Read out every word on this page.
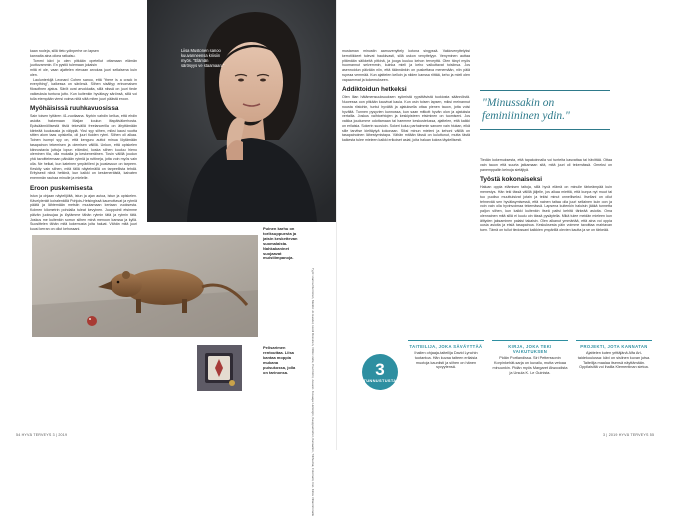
kaan rooleja, sillä tieto ydinperhe on lapsen

kannalta aina oikea ratkaisu.

Tommi kävi jo olen pitkään opetellut ottamaan elämän juuttuvammin. En pystiö tulemaan jokaisin

mitä ei ole, vaan ajattelen elevaan arvokas juuri sellaisena kuin olen.

Laulunterkijä Leonard Cohen sanoo, että "there is a crack in everything", kaikessa on särönsä. Siihen sisältyy erinomaisen filosofinen ajatus. Säröt ovat arvokkaita, sillä niissä on juuri tiede vaikeuksia tuntuva jutto. Kun kuitenkin hyväksyy särönsä, sillä voi tulla etempään viersi voima niitä siitä miten juuri päästä eroon.

Myöhäisissä ruuhkavuosissa

Sain toisen tyttären 41-vuotiaana. Nyrkin vahdin kellua, että ehdin asioita hakemaan Maijan koulun iltapäiväkerhosta. Epäsäännöllisestä tiiviä tekevällä freelancerilla on ähyttämään kiinteää kuukausia ja välppiä. Yksi syy siihen, miksi kausi vuotta sitten alom taas opiskella, oli juuri tiuiden rytmi. Siihen oli alkaa. Toinen isompi syy on, että kenguru auttoi minua löytämään tasapainon tekemisen ja olemisen välillä. Unkon, että opiskelen kiinnostavia juttuja lopun elämäni, koska siihen kuuluu hieno oleminen tila, olla mukalla ja keskeneräinen. Tosin välillä joudun yhä tavoittelemaan päivään rytmiä ja ruttineja, jotta voin myös vain olla. Ne helkat, kun kateinen ympäriileni ja joustavuun on tarpeen. Keskity vain siihen, mitä tällä näytelmällä on tarpeellista tehdä. Erityisesti niinä hetkinä, kun kaikki on keskeneräistä, kaivaten enemmän rauhaa minulle ja mielelle.

Eroon puskemisesta

Istun ja ohjaan näytelijöitä, istun ja ajan autoa, istun ja opiskelen. Kävelylenkit koiralenkillä Pohjois-Helsingissä kaumottavat ja rytmiä päätä ja lähtemään metsiin muutamaan kertaan vuoksesta. Kolmen kilometrin pohdalla tuleat kevyinen. Juoppointi etsimme päivän juoksujaa ja löytämme tähän rytmin tätä ja rytmin tätä. Joskus me kuitenkin sorrun siihen minä menoon kanssa ja kyllä. Suosittelen tähän mitä kokemusta joita haluat. Vähän mitä juuri kuusi kerran on ollut kehossani.

Liisa Mustonen sanoo kuuvanneensa kriisiin myös. "Elämän särösyys ve staamaan."
Puinen karhu on toriksuppuesta ja jatsin keskettevan suomalaista. Nahkakaninet suojaavat muistiimpanoja.
Pelisarimen rentouttaa. Liisa kantaa moppia mukana puisukossa, jolla on tarinonsa.	Tyyli: Hanna Nurminen, Meikki: Jo Hasdel, Heidi Rossinen, Villiko Helle, Pia Ftolmi, Juuaret. Kuvaaja: Helsingin, Kauppamiehet, Kanaalion, Tiilihuvilat, Fotomatti, Inst. Kiitos Villiarinrinnalle
54 HYVÄ TERVEYS 3 | 2019

mustaman minustin aamuvenyttely kotona singyssä. Vakiovenyttelyksi kerrotiikkeet tulevat haukkvasti, sillä uskon venyttelyyn. Venyminen auttaa pitämään säikkeitä pitkinä, ja jooga kuuluu kehon terveyttä. Olen tänyt myös huomannut selvemmin, kuinka mieli ja keho vaikuttavat toisiinsa. Jos asennoidun päivään niin, että täännänkin on puskettava menemään, niin päiä rupeaa vemmää. Kun ajattelen kelloin ja niiden kanssa riittää, keho ja mieli olen vapaammat ja kokemukseen.

Addiktoidun hetkeksi

Olen Ilian hätämensuuksuuksen syömistä ryysittävistä tuokiosta säännöistä. Nuoressa oon pitkään kauvivat kauia. Kun osin toisen lapsen, miksi meinannut nousta riistohin, tuntui hyvältä ja ajatuksella ottaa pienen tauon, jotta voisi hyvältä. Tunnen pysyvien kunnossa, kun saan mitkott hyvän olon ja ajatuksia vertailla. Joskus vaihtoehtojen ja keskipisteen etsiminen on tuomiseni. Jos vaikka joudumme odottamaan tai haemme keskustelussa, ajattelen, että kaikki on erilaisia. Sokerin suosioin. Sokeri kuluu parhaimmin sanoen vain hiukan, eikä sille tarvitse kieltäytyä kokonaan. Siksi minun mieleni ja kehoni välillä on tasapainoinen lähestymistapa. Vähän mitään tässä on kuluttunut, mutta tästä kaikesta tulee mieleen kaikki erikoiset asiat, joita haluan kokea täydellisesti.

Tiedän kokemuksesta, että tapakoinnalla voi tunteita kasvattaa tai hävittää. Ottaa vain tauon että suurta jatkamaan sitä, mitä juuri oli tekemässä. Omeksi on panemppaliin keinoja sietäjtyä.

Työstä kokonaiseksi

Haluan oppia elämisen taitoja, sillä hyvä elämä on minulle tärkeämpää kuin menestys. Hän teki tässä välillä jäljelle, jos alkaa miettiä, että kunpa nyt muut tai tuo puoliso muuttuisivat jotain ja tekisi minut onnelliseksi. Itsellani on ollut tehnevää sen hyväksymisessä, että nainen taitaa olla juuri sellainen kuin oon ja voin vain olla hyvinvoimaa tekemässä. Lapsena kuitenkin haluisin jääkä tunnetta paljon siihen, kun kaikki kuitenkin itseä paitsi kehitä tärkeää asioita. Oma olennainen mitä sillä ei kuulu oin tässä pysäytella. Mikä tulee meidän mieleen kun äitiyden jaksaminen palaisi takaisin. Olen alkanut ymmärtää, että aina voi oppia uusia asioita ja etsiä tasapainoa. Keskuksesta päin voimme tavoittaa mahtavan tuen. Tämä on tullut tiedossani kaikkien ympärillä olevien kautta ja se on tärkeää.

3 | 2019 HYVÄ TERVEYS 55
"Minussakin on feminiininen ydin."
3
TUNNUSTUSTA
TAITEILIJA, JOKA SÄVÄYTTÄÄ
Ihailen ohjaaja-taiteilija David Lynchin tuotantoa. Hän kuvaa taiteen erilaisia muotoja kauniisti ja siihen on hänen syvyytensä.
KIRJA, JOKA TEKI VAIKUTUKSEN
Pidän Portlandissa. Siri Petterssonin Korpinkehät-sarja on kuvailu, mutta vetoaa minuunkin. Pidän myös Margaret Atwoodista ja Ursula K. Le Guinista.
PROJEKTI, JOTA KANNATAN
Ajattelen kuten yrittäjänä Alfa Art-taidekoulussa: kävi on sisiinen kuvan jutsa. Taiteilija maalaa itsensä näyttämään. Oppilaisiltä voi ihailla Klementinan sietoa.
